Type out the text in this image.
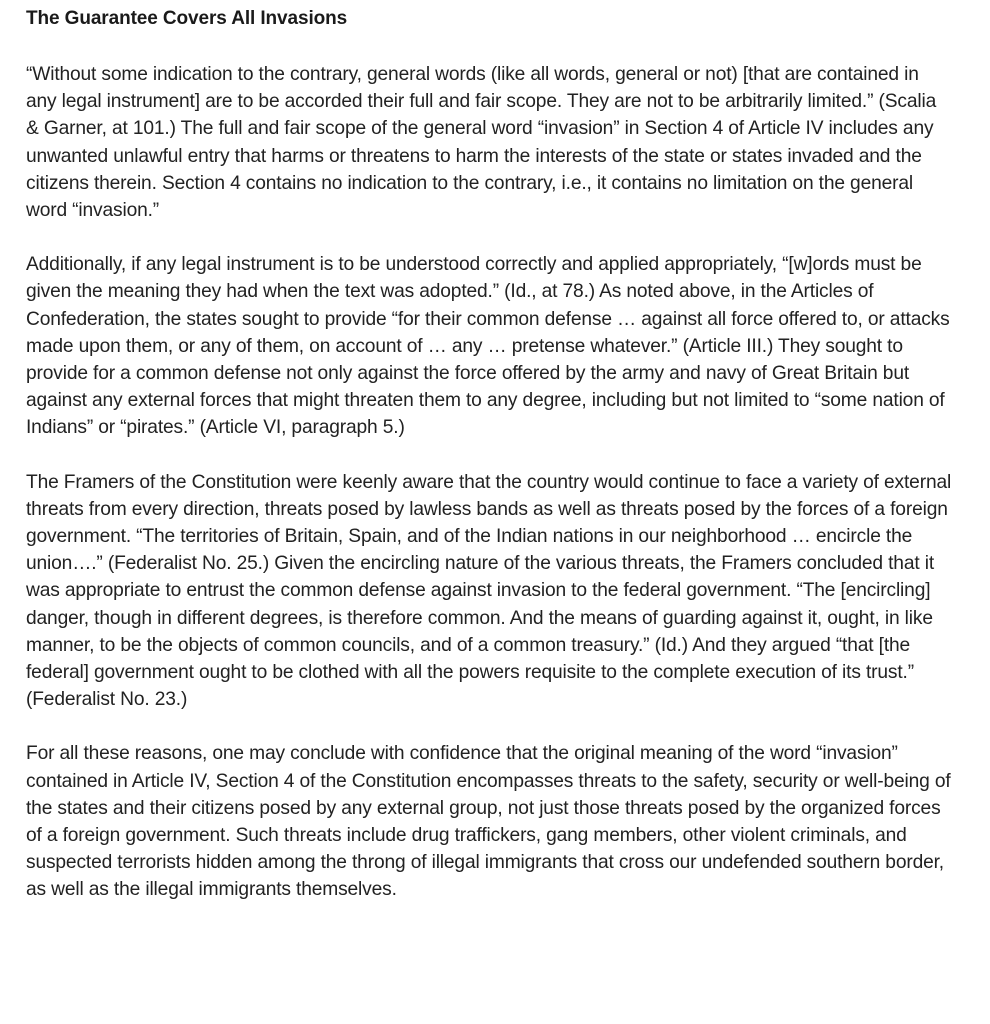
The Guarantee Covers All Invasions

“Without some indication to the contrary, general words (like all words, general or not) [that are contained in any legal instrument] are to be accorded their full and fair scope. They are not to be arbitrarily limited.” (Scalia & Garner, at 101.) The full and fair scope of the general word “invasion” in Section 4 of Article IV includes any unwanted unlawful entry that harms or threatens to harm the interests of the state or states invaded and the citizens therein. Section 4 contains no indication to the contrary, i.e., it contains no limitation on the general word “invasion.”

Additionally, if any legal instrument is to be understood correctly and applied appropriately, “[w]ords must be given the meaning they had when the text was adopted.” (Id., at 78.) As noted above, in the Articles of Confederation, the states sought to provide “for their common defense … against all force offered to, or attacks made upon them, or any of them, on account of … any … pretense whatever.” (Article III.) They sought to provide for a common defense not only against the force offered by the army and navy of Great Britain but against any external forces that might threaten them to any degree, including but not limited to “some nation of Indians” or “pirates.” (Article VI, paragraph 5.)

The Framers of the Constitution were keenly aware that the country would continue to face a variety of external threats from every direction, threats posed by lawless bands as well as threats posed by the forces of a foreign government. “The territories of Britain, Spain, and of the Indian nations in our neighborhood … encircle the union….” (Federalist No. 25.) Given the encircling nature of the various threats, the Framers concluded that it was appropriate to entrust the common defense against invasion to the federal government. “The [encircling] danger, though in different degrees, is therefore common. And the means of guarding against it, ought, in like manner, to be the objects of common councils, and of a common treasury.” (Id.) And they argued “that [the federal] government ought to be clothed with all the powers requisite to the complete execution of its trust.” (Federalist No. 23.)

For all these reasons, one may conclude with confidence that the original meaning of the word “invasion” contained in Article IV, Section 4 of the Constitution encompasses threats to the safety, security or well-being of the states and their citizens posed by any external group, not just those threats posed by the organized forces of a foreign government. Such threats include drug traffickers, gang members, other violent criminals, and suspected terrorists hidden among the throng of illegal immigrants that cross our undefended southern border, as well as the illegal immigrants themselves.
